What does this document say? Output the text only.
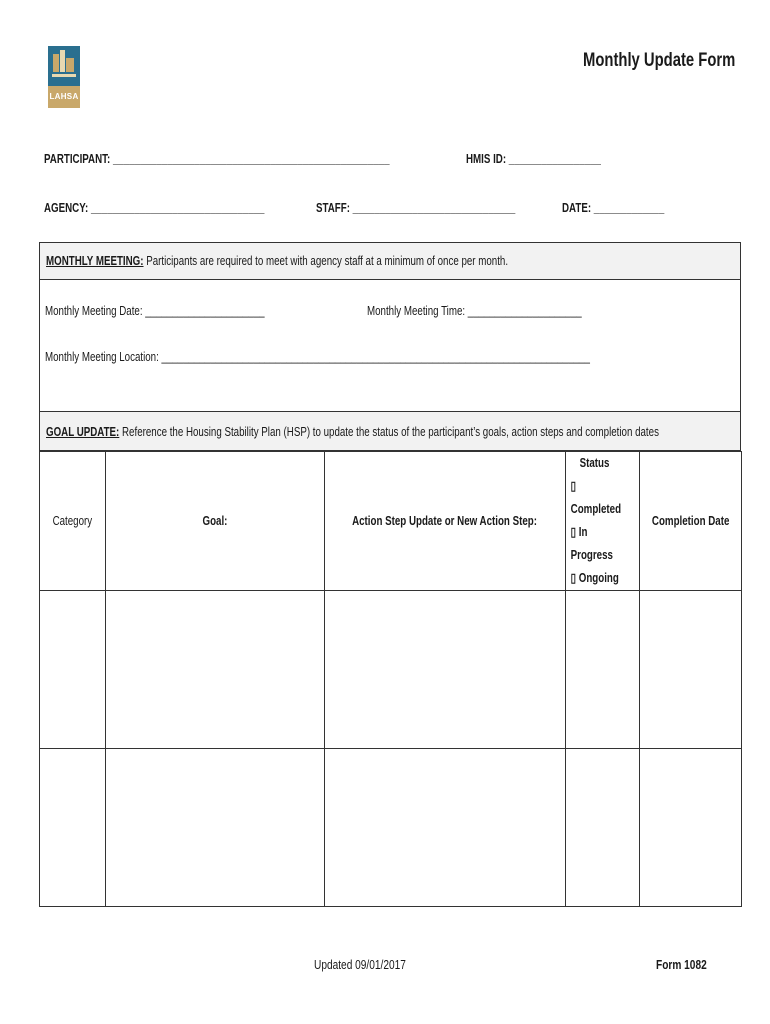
LAHSA
Monthly Update Form
PARTICIPANT: ___________________________________________________	HMIS ID: _________________
AGENCY: ________________________________	STAFF: ______________________________	DATE: _____________
MONTHLY MEETING: Participants are required to meet with agency staff at a minimum of once per month.
Monthly Meeting Date: ______________________	Monthly Meeting Time: _____________________
Monthly Meeting Location: _______________________________________________________________________________
GOAL UPDATE: Reference the Housing Stability Plan (HSP) to update the status of the participant’s goals, action steps and completion dates
Category	Goal:	Action Step Update or New Action Step:	Status
▯ Completed
▯ In Progress
▯ Ongoing	Completion Date

Updated 09/01/2017	Form 1082
